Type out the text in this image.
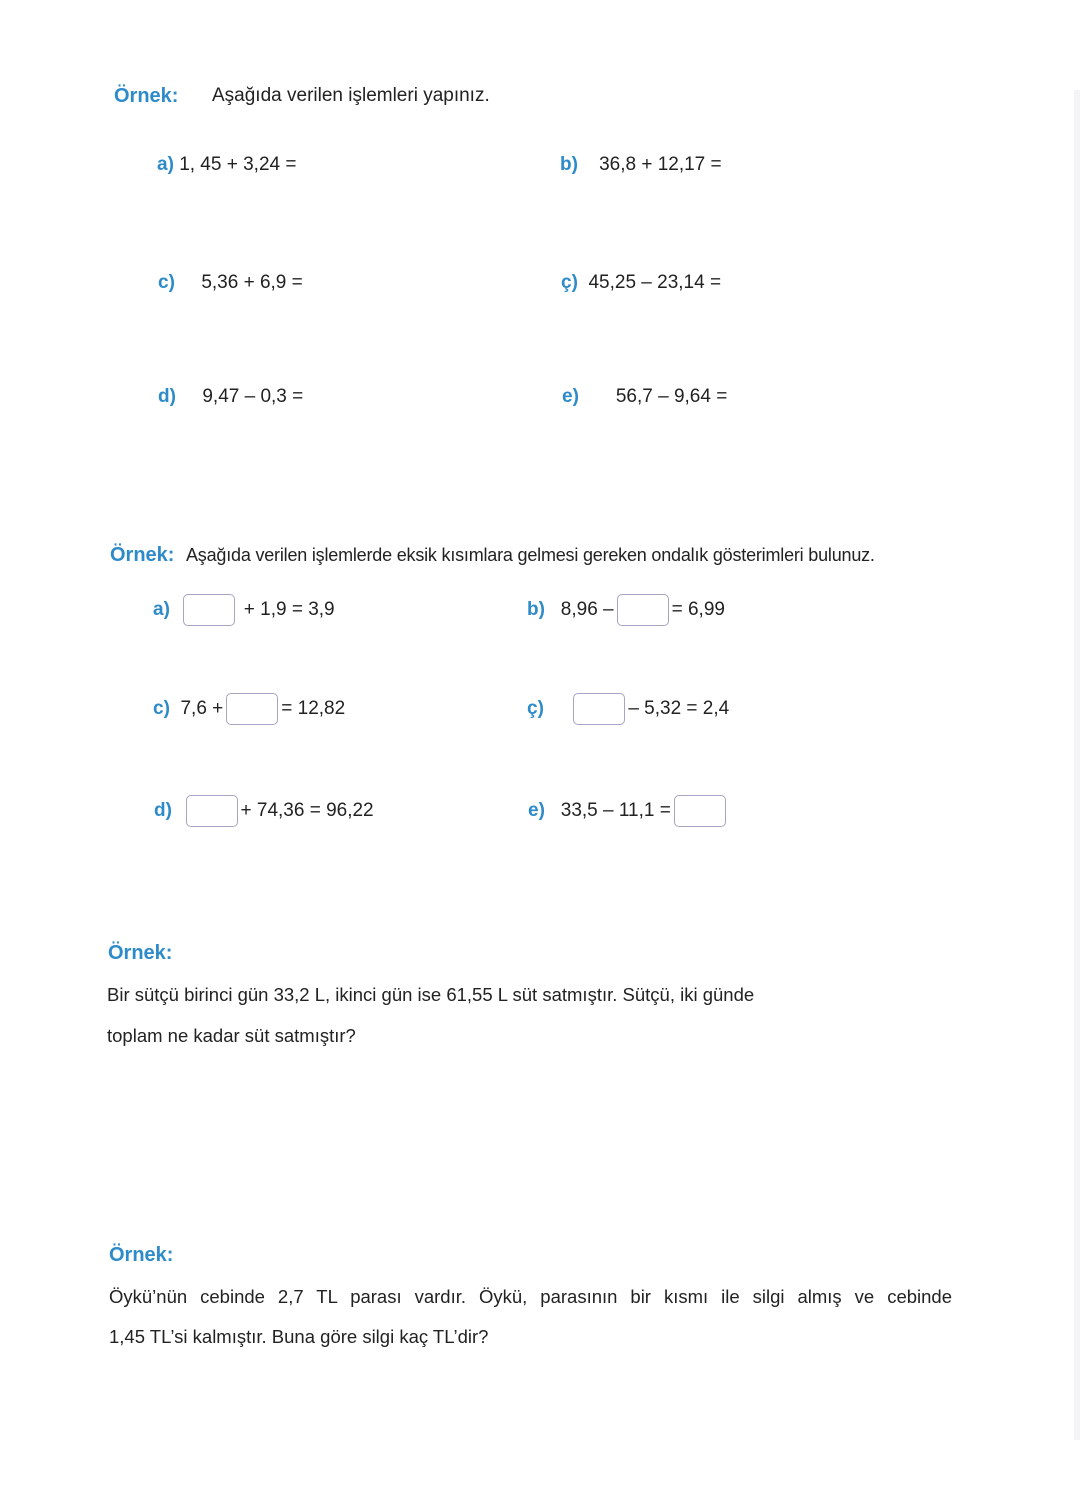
Örnek: Aşağıda verilen işlemleri yapınız.
a) 1, 45 + 3,24 =	b) 36,8 + 12,17 =
c) 5,36 + 6,9 =	ç) 45,25 – 23,14 =
d) 9,47 – 0,3 =	e) 56,7 – 9,64 =
Örnek: Aşağıda verilen işlemlerde eksik kısımlara gelmesi gereken ondalık gösterimleri bulunuz.
a)	+ 1,9 = 3,9	b) 8,96 –	= 6,99
c) 7,6 +	= 12,82	ç)	– 5,32 = 2,4
d)	+ 74,36 = 96,22	e) 33,5 – 11,1 =
Örnek:
Bir sütçü birinci gün 33,2 L, ikinci gün ise 61,55 L süt satmıştır. Sütçü, iki günde
toplam ne kadar süt satmıştır?
Örnek:
Öykü’nün cebinde 2,7 TL parası vardır. Öykü, parasının bir kısmı ile silgi almış ve cebinde
1,45 TL’si kalmıştır. Buna göre silgi kaç TL’dir?
